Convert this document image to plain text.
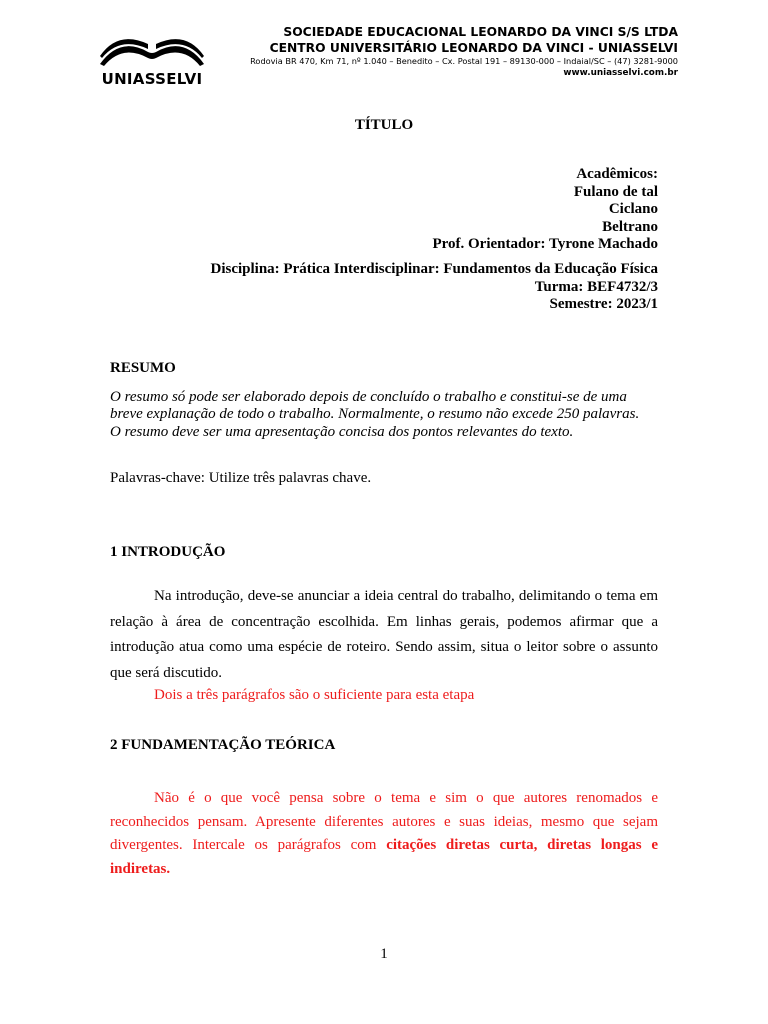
UNIASSELVI
SOCIEDADE EDUCACIONAL LEONARDO DA VINCI S/S LTDA
CENTRO UNIVERSITÁRIO LEONARDO DA VINCI - UNIASSELVI
Rodovia BR 470, Km 71, nº 1.040 – Benedito – Cx. Postal 191 – 89130-000 – Indaial/SC – (47) 3281-9000
www.uniasselvi.com.br
TÍTULO
Acadêmicos:
Fulano de tal
Ciclano
Beltrano
Prof. Orientador: Tyrone Machado
Disciplina: Prática Interdisciplinar: Fundamentos da Educação Física
Turma: BEF4732/3
Semestre: 2023/1
RESUMO
O resumo só pode ser elaborado depois de concluído o trabalho e constitui-se de uma
breve explanação de todo o trabalho. Normalmente, o resumo não excede 250 palavras.
O resumo deve ser uma apresentação concisa dos pontos relevantes do texto.
Palavras-chave: Utilize três palavras chave.
1 INTRODUÇÃO
Na introdução, deve-se anunciar a ideia central do trabalho, delimitando o tema em relação à área de concentração escolhida. Em linhas gerais, podemos afirmar que a introdução atua como uma espécie de roteiro. Sendo assim, situa o leitor sobre o assunto que será discutido.
Dois a três parágrafos são o suficiente para esta etapa
2 FUNDAMENTAÇÃO TEÓRICA
Não é o que você pensa sobre o tema e sim o que autores renomados e reconhecidos pensam. Apresente diferentes autores e suas ideias, mesmo que sejam divergentes. Intercale os parágrafos com citações diretas curta, diretas longas e indiretas.
1
